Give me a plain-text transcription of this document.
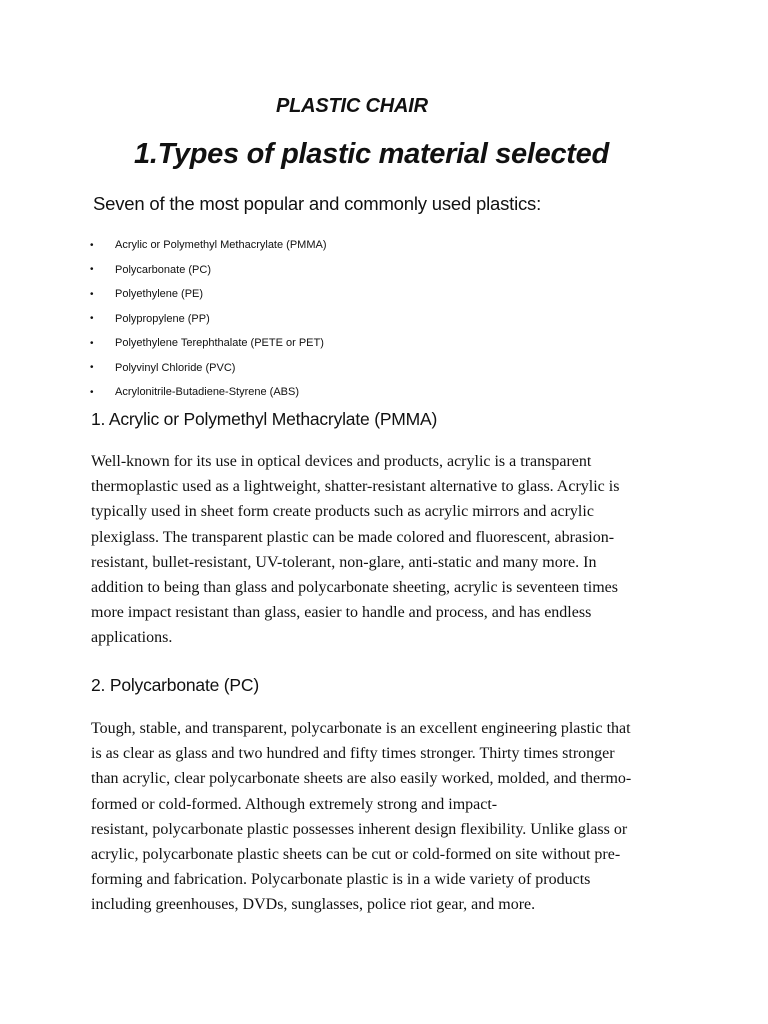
PLASTIC CHAIR
1.Types of plastic material selected

Seven of the most popular and commonly used plastics:

•	Acrylic or Polymethyl Methacrylate (PMMA)
•	Polycarbonate (PC)
•	Polyethylene (PE)
•	Polypropylene (PP)
•	Polyethylene Terephthalate (PETE or PET)
•	Polyvinyl Chloride (PVC)
•	Acrylonitrile-Butadiene-Styrene (ABS)
1. Acrylic or Polymethyl Methacrylate (PMMA)

Well-known for its use in optical devices and products, acrylic is a transparent
thermoplastic used as a lightweight, shatter-resistant alternative to glass. Acrylic is
typically used in sheet form create products such as acrylic mirrors and acrylic
plexiglass. The transparent plastic can be made colored and fluorescent, abrasion-
resistant, bullet-resistant, UV-tolerant, non-glare, anti-static and many more. In
addition to being than glass and polycarbonate sheeting, acrylic is seventeen times
more impact resistant than glass, easier to handle and process, and has endless
applications.

2. Polycarbonate (PC)

Tough, stable, and transparent, polycarbonate is an excellent engineering plastic that
is as clear as glass and two hundred and fifty times stronger. Thirty times stronger
than acrylic, clear polycarbonate sheets are also easily worked, molded, and thermo-
formed or cold-formed. Although extremely strong and impact-
resistant, polycarbonate plastic possesses inherent design flexibility. Unlike glass or
acrylic, polycarbonate plastic sheets can be cut or cold-formed on site without pre-
forming and fabrication. Polycarbonate plastic is in a wide variety of products
including greenhouses, DVDs, sunglasses, police riot gear, and more.
